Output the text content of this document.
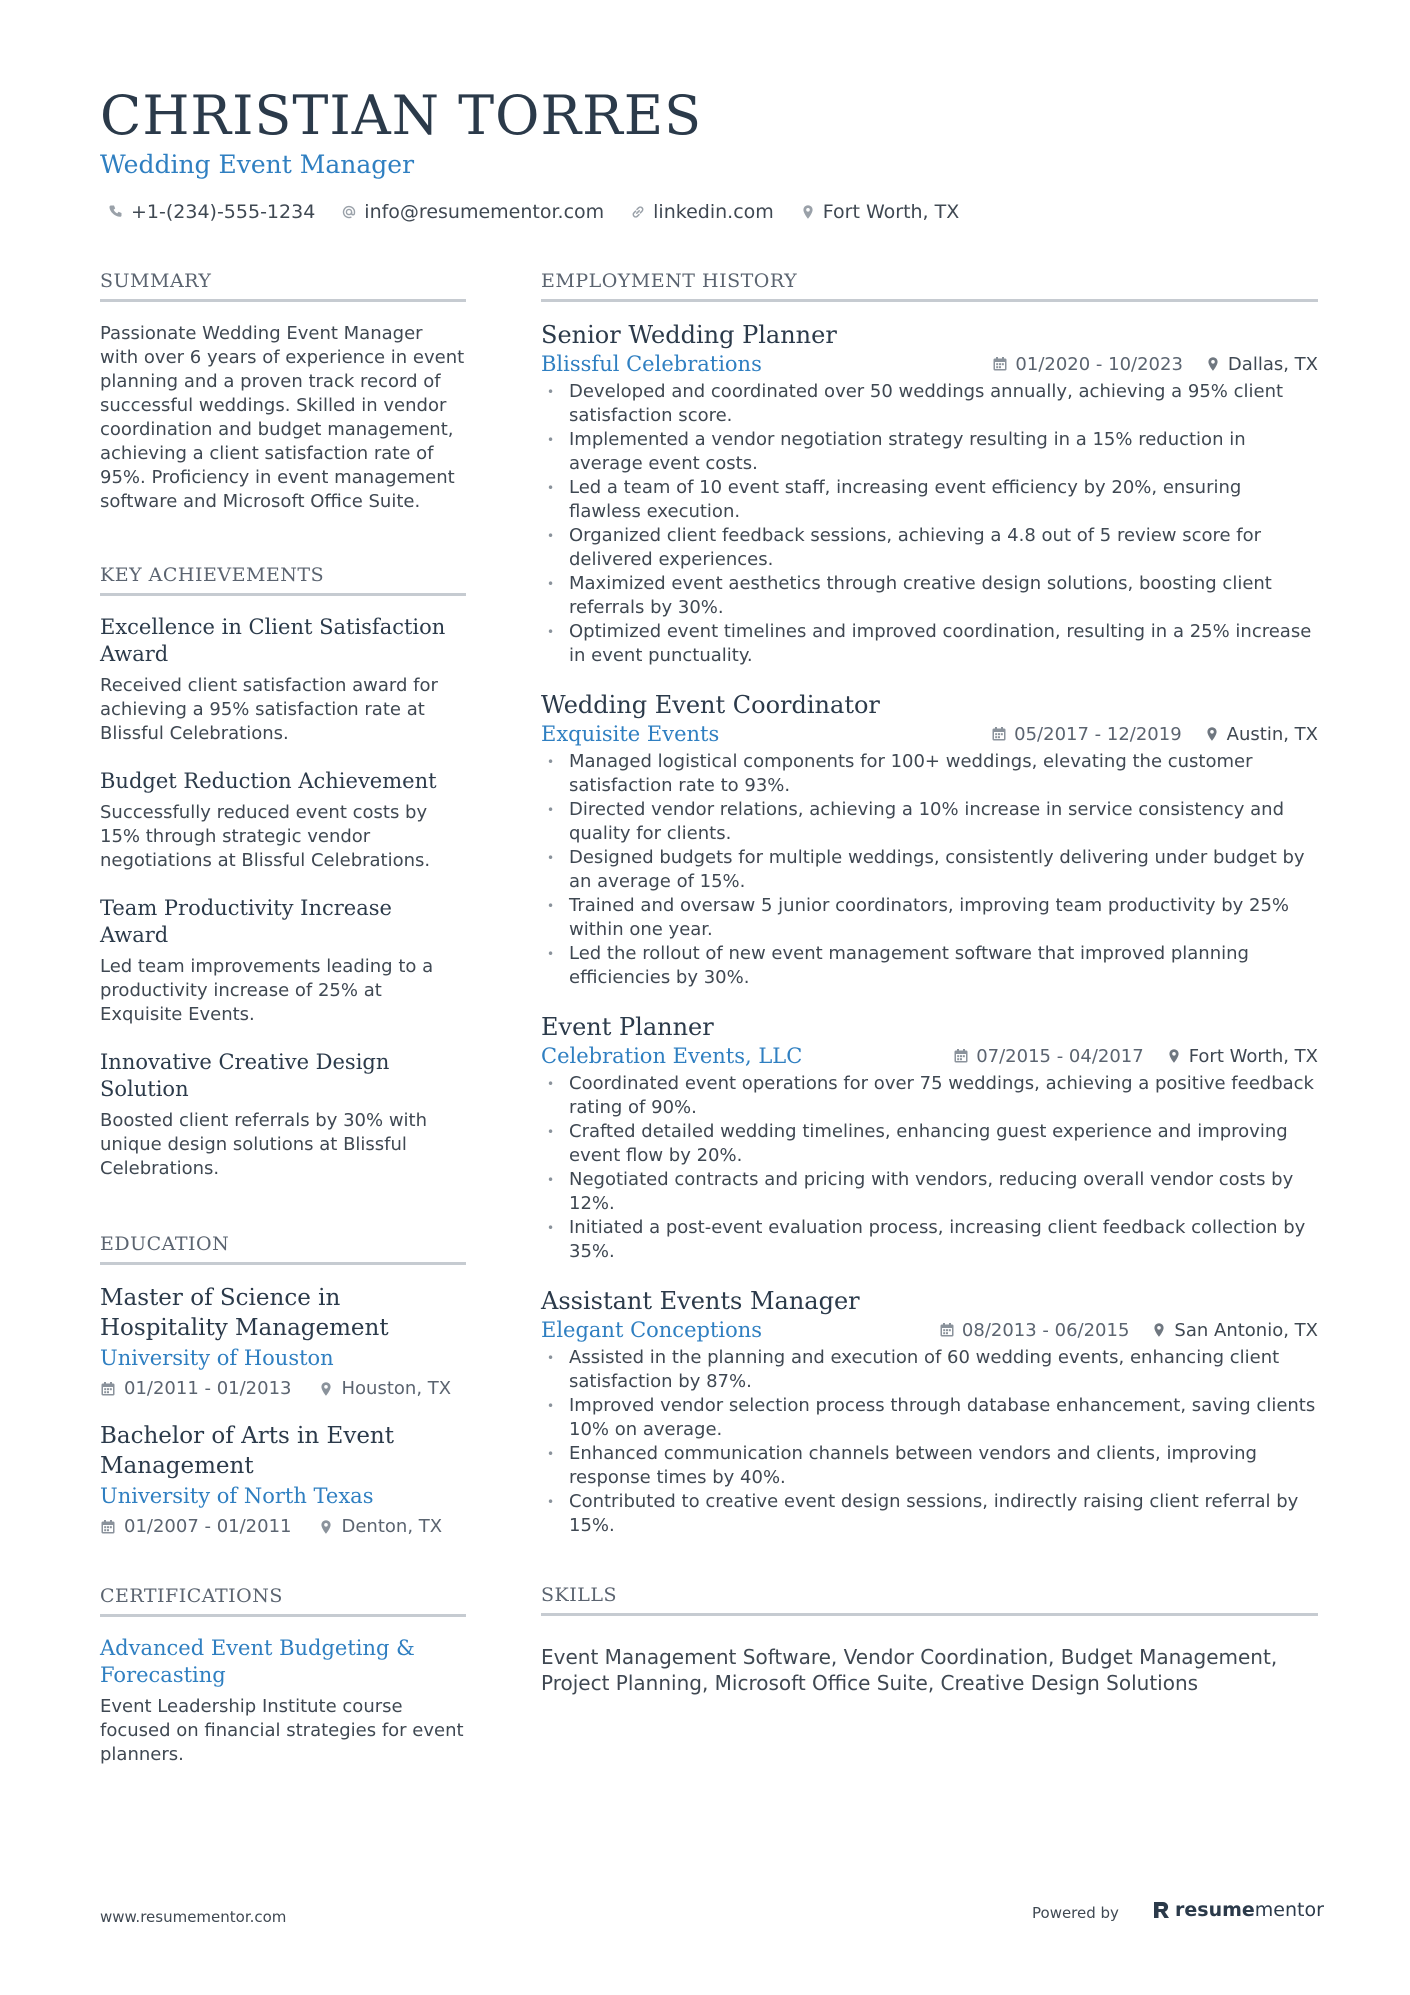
CHRISTIAN TORRES
Wedding Event Manager
+1-(234)-555-1234	info@resumementor.com	linkedin.com	Fort Worth, TX
SUMMARY
Passionate Wedding Event Manager with over 6 years of experience in event planning and a proven track record of successful weddings. Skilled in vendor coordination and budget management, achieving a client satisfaction rate of 95%. Proficiency in event management software and Microsoft Office Suite.
KEY ACHIEVEMENTS
Excellence in Client Satisfaction Award
Received client satisfaction award for achieving a 95% satisfaction rate at Blissful Celebrations.
Budget Reduction Achievement
Successfully reduced event costs by 15% through strategic vendor negotiations at Blissful Celebrations.
Team Productivity Increase Award
Led team improvements leading to a productivity increase of 25% at Exquisite Events.
Innovative Creative Design Solution
Boosted client referrals by 30% with unique design solutions at Blissful Celebrations.
EDUCATION
Master of Science in Hospitality Management
University of Houston
01/2011 - 01/2013	Houston, TX
Bachelor of Arts in Event Management
University of North Texas
01/2007 - 01/2011	Denton, TX
CERTIFICATIONS
Advanced Event Budgeting & Forecasting
Event Leadership Institute course focused on financial strategies for event planners.
EMPLOYMENT HISTORY
Senior Wedding Planner
Blissful Celebrations	01/2020 - 10/2023	Dallas, TX
• Developed and coordinated over 50 weddings annually, achieving a 95% client satisfaction score.
• Implemented a vendor negotiation strategy resulting in a 15% reduction in average event costs.
• Led a team of 10 event staff, increasing event efficiency by 20%, ensuring flawless execution.
• Organized client feedback sessions, achieving a 4.8 out of 5 review score for delivered experiences.
• Maximized event aesthetics through creative design solutions, boosting client referrals by 30%.
• Optimized event timelines and improved coordination, resulting in a 25% increase in event punctuality.
Wedding Event Coordinator
Exquisite Events	05/2017 - 12/2019	Austin, TX
• Managed logistical components for 100+ weddings, elevating the customer satisfaction rate to 93%.
• Directed vendor relations, achieving a 10% increase in service consistency and quality for clients.
• Designed budgets for multiple weddings, consistently delivering under budget by an average of 15%.
• Trained and oversaw 5 junior coordinators, improving team productivity by 25% within one year.
• Led the rollout of new event management software that improved planning efficiencies by 30%.
Event Planner
Celebration Events, LLC	07/2015 - 04/2017	Fort Worth, TX
• Coordinated event operations for over 75 weddings, achieving a positive feedback rating of 90%.
• Crafted detailed wedding timelines, enhancing guest experience and improving event flow by 20%.
• Negotiated contracts and pricing with vendors, reducing overall vendor costs by 12%.
• Initiated a post-event evaluation process, increasing client feedback collection by 35%.
Assistant Events Manager
Elegant Conceptions	08/2013 - 06/2015	San Antonio, TX
• Assisted in the planning and execution of 60 wedding events, enhancing client satisfaction by 87%.
• Improved vendor selection process through database enhancement, saving clients 10% on average.
• Enhanced communication channels between vendors and clients, improving response times by 40%.
• Contributed to creative event design sessions, indirectly raising client referral by 15%.
SKILLS
Event Management Software, Vendor Coordination, Budget Management, Project Planning, Microsoft Office Suite, Creative Design Solutions
www.resumementor.com	Powered by	resume mentor
